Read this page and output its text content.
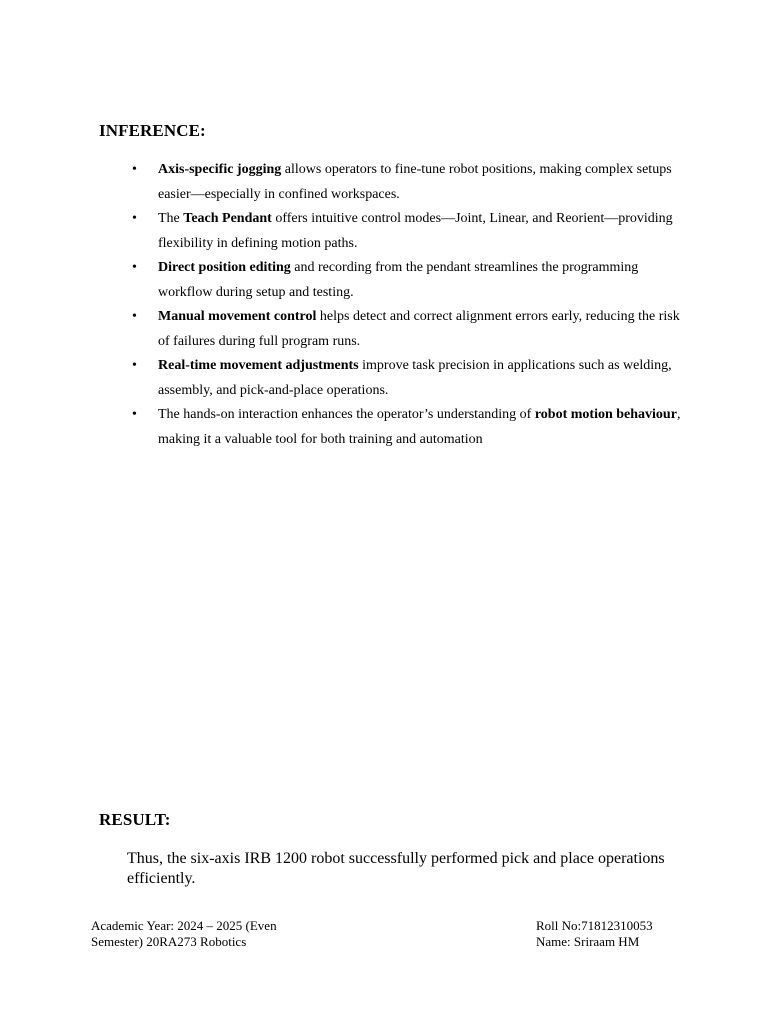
INFERENCE:
• Axis-specific jogging allows operators to fine-tune robot positions, making complex setups easier—especially in confined workspaces.
• The Teach Pendant offers intuitive control modes—Joint, Linear, and Reorient—providing flexibility in defining motion paths.
• Direct position editing and recording from the pendant streamlines the programming workflow during setup and testing.
• Manual movement control helps detect and correct alignment errors early, reducing the risk of failures during full program runs.
• Real-time movement adjustments improve task precision in applications such as welding, assembly, and pick-and-place operations.
• The hands-on interaction enhances the operator’s understanding of robot motion behaviour, making it a valuable tool for both training and automation
RESULT:

Thus, the six-axis IRB 1200 robot successfully performed pick and place operations efficiently.

Academic Year: 2024 – 2025 (Even Semester) 20RA273 Robotics
Roll No:71812310053
Name: Sriraam HM
